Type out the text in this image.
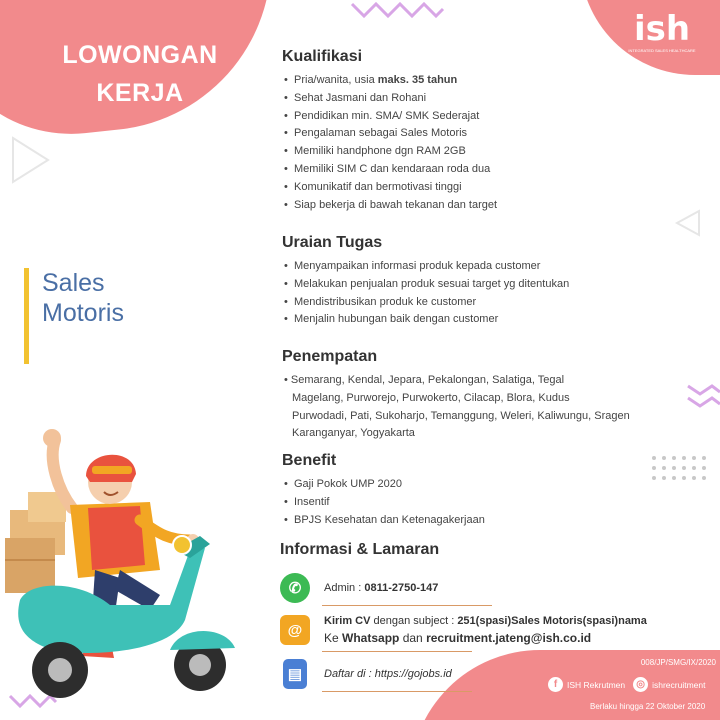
LOWONGAN
KERJA
ish
INTEGRATED SALES HEALTHCARE
Sales
Motoris
Kualifikasi
• Pria/wanita, usia maks. 35 tahun
• Sehat Jasmani dan Rohani
• Pendidikan min. SMA/ SMK Sederajat
• Pengalaman sebagai Sales Motoris
• Memiliki handphone dgn RAM 2GB
• Memiliki SIM C dan kendaraan roda dua
• Komunikatif dan bermotivasi tinggi
• Siap bekerja di bawah tekanan dan target
Uraian Tugas
• Menyampaikan informasi produk kepada customer
• Melakukan penjualan produk sesuai target yg ditentukan
• Mendistribusikan produk ke customer
• Menjalin hubungan baik dengan customer
Penempatan
• Semarang, Kendal, Jepara, Pekalongan, Salatiga, Tegal
Magelang, Purworejo, Purwokerto, Cilacap, Blora, Kudus
Purwodadi, Pati, Sukoharjo, Temanggung, Weleri, Kaliwungu, Sragen
Karanganyar, Yogyakarta
Benefit
• Gaji Pokok UMP 2020
• Insentif
• BPJS Kesehatan dan Ketenagakerjaan
Informasi & Lamaran
✆	Admin : 0811-2750-147
@
Kirim CV dengan subject : 251(spasi)Sales Motoris(spasi)nama
Ke Whatsapp dan recruitment.jateng@ish.co.id
▤	Daftar di : https://gojobs.id
008/JP/SMG/IX/2020
f	ISH Rekrutmen	◎ ishrecruitment
Berlaku hingga 22 Oktober 2020
